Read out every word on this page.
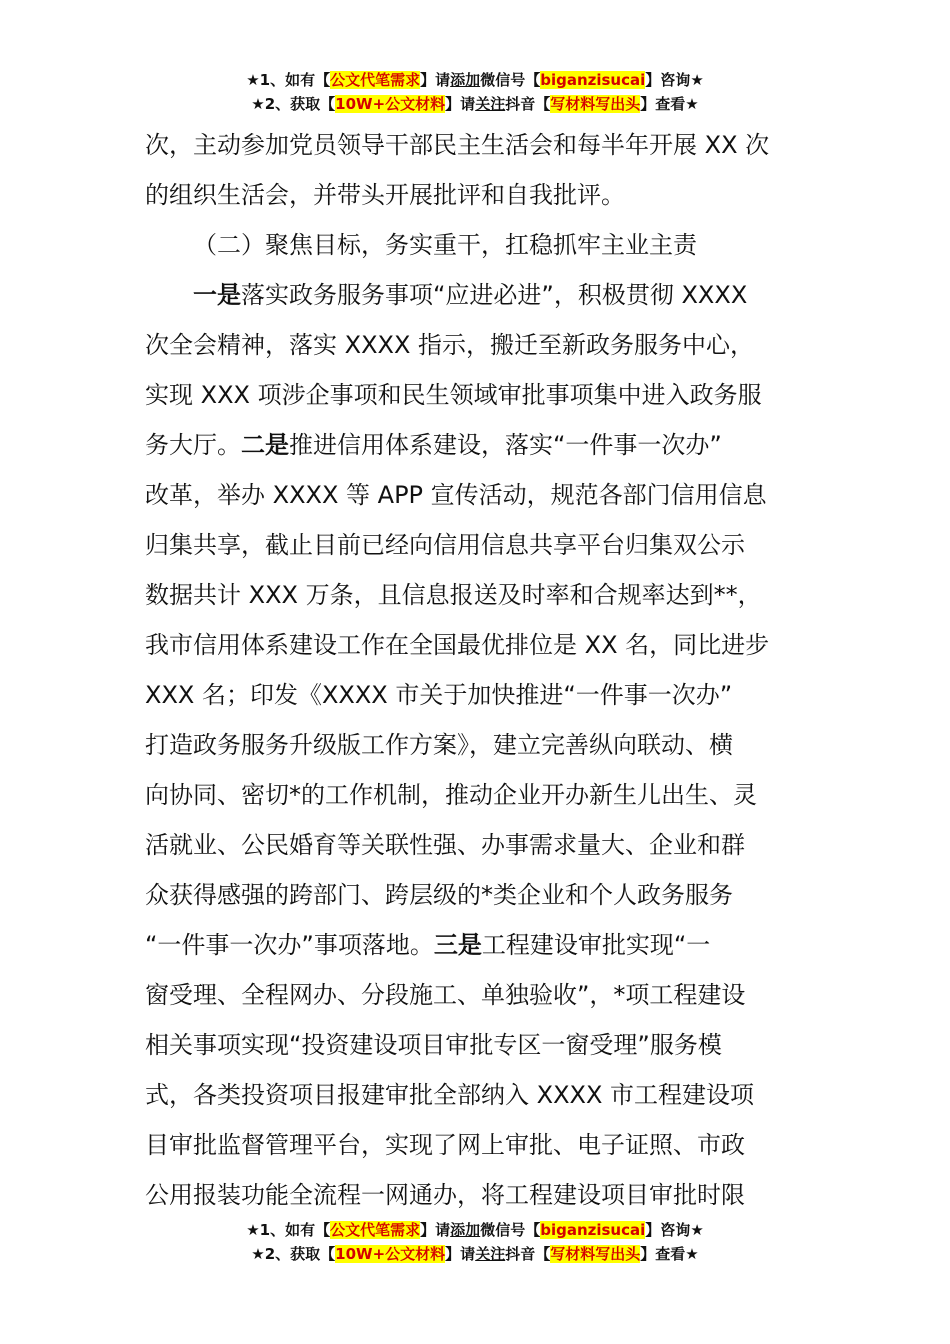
★1、如有【公文代笔需求】请添加微信号【biganzisucai】咨询★
★2、获取【10W+公文材料】请关注抖音【写材料写出头】查看★
次，主动参加党员领导干部民主生活会和每半年开展 XX 次
的组织生活会，并带头开展批评和自我批评。
（二）聚焦目标，务实重干，扛稳抓牢主业主责
一是落实政务服务事项“应进必进”，积极贯彻 XXXX
次全会精神，落实 XXXX 指示，搬迁至新政务服务中心，
实现 XXX 项涉企事项和民生领域审批事项集中进入政务服
务大厅。二是推进信用体系建设，落实“一件事一次办”
改革，举办 XXXX 等 APP 宣传活动，规范各部门信用信息
归集共享，截止目前已经向信用信息共享平台归集双公示
数据共计 XXX 万条，且信息报送及时率和合规率达到**，
我市信用体系建设工作在全国最优排位是 XX 名，同比进步
XXX 名；印发《XXXX 市关于加快推进“一件事一次办”
打造政务服务升级版工作方案》，建立完善纵向联动、横
向协同、密切*的工作机制，推动企业开办新生儿出生、灵
活就业、公民婚育等关联性强、办事需求量大、企业和群
众获得感强的跨部门、跨层级的*类企业和个人政务服务
“一件事一次办”事项落地。三是工程建设审批实现“一
窗受理、全程网办、分段施工、单独验收”，*项工程建设
相关事项实现“投资建设项目审批专区一窗受理”服务模
式，各类投资项目报建审批全部纳入 XXXX 市工程建设项
目审批监督管理平台，实现了网上审批、电子证照、市政
公用报装功能全流程一网通办，将工程建设项目审批时限
★1、如有【公文代笔需求】请添加微信号【biganzisucai】咨询★
★2、获取【10W+公文材料】请关注抖音【写材料写出头】查看★
